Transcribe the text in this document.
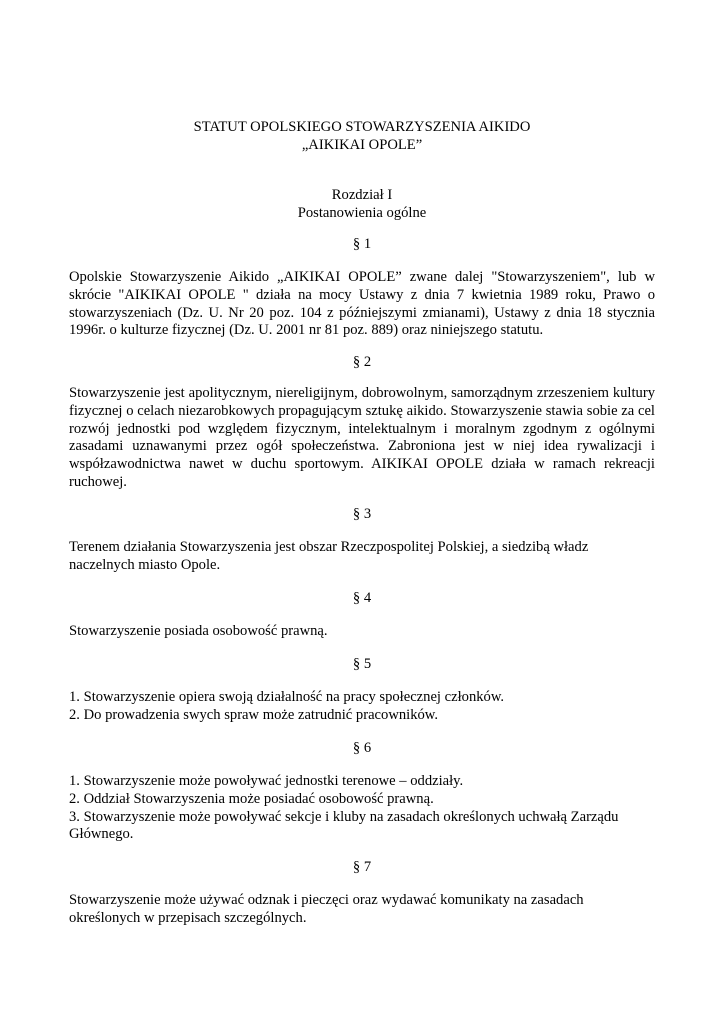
STATUT OPOLSKIEGO STOWARZYSZENIA AIKIDO
„AIKIKAI OPOLE”
Rozdział I
Postanowienia ogólne
§ 1
Opolskie Stowarzyszenie Aikido „AIKIKAI OPOLE” zwane dalej "Stowarzyszeniem", lub w skrócie "AIKIKAI OPOLE " działa na mocy Ustawy z dnia 7 kwietnia 1989 roku, Prawo o stowarzyszeniach (Dz. U. Nr 20 poz. 104 z późniejszymi zmianami), Ustawy z dnia 18 stycznia 1996r. o kulturze fizycznej (Dz. U. 2001 nr 81 poz. 889) oraz niniejszego statutu.
§ 2
Stowarzyszenie jest apolitycznym, niereligijnym, dobrowolnym, samorządnym zrzeszeniem kultury fizycznej o celach niezarobkowych propagującym sztukę aikido. Stowarzyszenie stawia sobie za cel rozwój jednostki pod względem fizycznym, intelektualnym i moralnym zgodnym z ogólnymi zasadami uznawanymi przez ogół społeczeństwa. Zabroniona jest w niej idea rywalizacji i współzawodnictwa nawet w duchu sportowym. AIKIKAI OPOLE działa w ramach rekreacji ruchowej.
§ 3
Terenem działania Stowarzyszenia jest obszar Rzeczpospolitej Polskiej, a siedzibą władz
naczelnych miasto Opole.
§ 4
Stowarzyszenie posiada osobowość prawną.
§ 5
1. Stowarzyszenie opiera swoją działalność na pracy społecznej członków.
2. Do prowadzenia swych spraw może zatrudnić pracowników.
§ 6
1. Stowarzyszenie może powoływać jednostki terenowe – oddziały.
2. Oddział Stowarzyszenia może posiadać osobowość prawną.
3. Stowarzyszenie może powoływać sekcje i kluby na zasadach określonych uchwałą Zarządu
Głównego.
§ 7
Stowarzyszenie może używać odznak i pieczęci oraz wydawać komunikaty na zasadach
określonych w przepisach szczególnych.
